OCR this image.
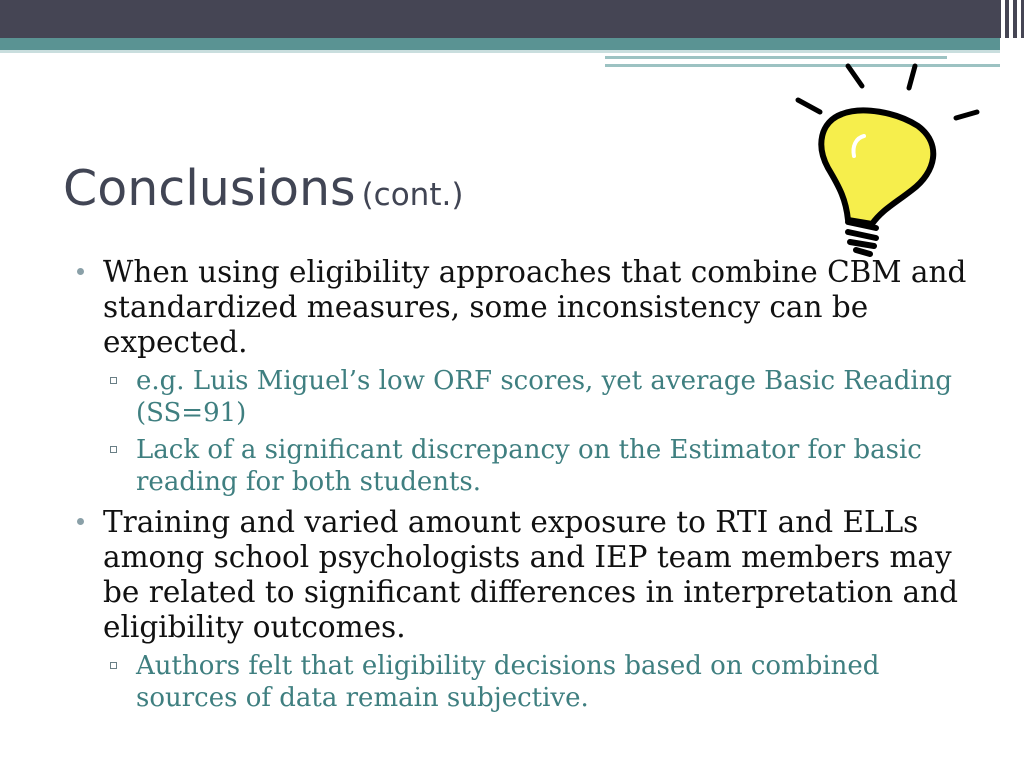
Conclusions (cont.)
When using eligibility approaches that combine CBM and standardized measures, some inconsistency can be expected.
e.g. Luis Miguel’s low ORF scores, yet average Basic Reading (SS=91)
Lack of a significant discrepancy on the Estimator for basic reading for both students.
Training and varied amount exposure to RTI and ELLs among school psychologists and IEP team members may be related to significant differences in interpretation and eligibility outcomes.
Authors felt that eligibility decisions based on combined sources of data remain subjective.
